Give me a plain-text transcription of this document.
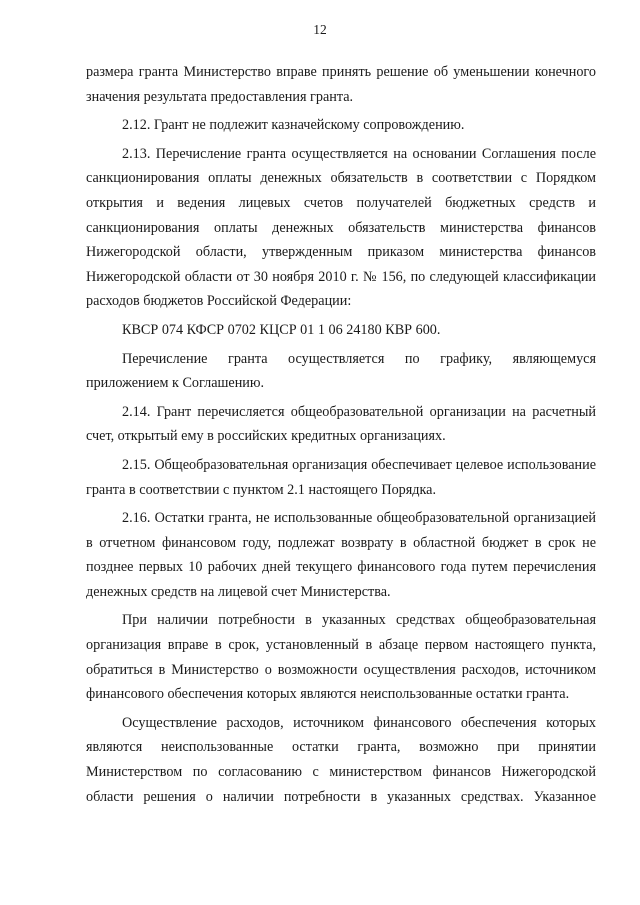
12

размера гранта Министерство вправе принять решение об уменьшении конечного значения результата предоставления гранта.

2.12. Грант не подлежит казначейскому сопровождению.

2.13. Перечисление гранта осуществляется на основании Соглашения после санкционирования оплаты денежных обязательств в соответствии с Порядком открытия и ведения лицевых счетов получателей бюджетных средств и санкционирования оплаты денежных обязательств министерства финансов Нижегородской области, утвержденным приказом министерства финансов Нижегородской области от 30 ноября 2010 г. № 156, по следующей классификации расходов бюджетов Российской Федерации:

КВСР 074 КФСР 0702 КЦСР 01 1 06 24180 КВР 600.

Перечисление гранта осуществляется по графику, являющемуся приложением к Соглашению.

2.14. Грант перечисляется общеобразовательной организации на расчетный счет, открытый ему в российских кредитных организациях.

2.15. Общеобразовательная организация обеспечивает целевое использование гранта в соответствии с пунктом 2.1 настоящего Порядка.

2.16. Остатки гранта, не использованные общеобразовательной организацией в отчетном финансовом году, подлежат возврату в областной бюджет в срок не позднее первых 10 рабочих дней текущего финансового года путем перечисления денежных средств на лицевой счет Министерства.

При наличии потребности в указанных средствах общеобразовательная организация вправе в срок, установленный в абзаце первом настоящего пункта, обратиться в Министерство о возможности осуществления расходов, источником финансового обеспечения которых являются неиспользованные остатки гранта.

Осуществление расходов, источником финансового обеспечения которых являются неиспользованные остатки гранта, возможно при принятии Министерством по согласованию с министерством финансов Нижегородской области решения о наличии потребности в указанных средствах. Указанное
